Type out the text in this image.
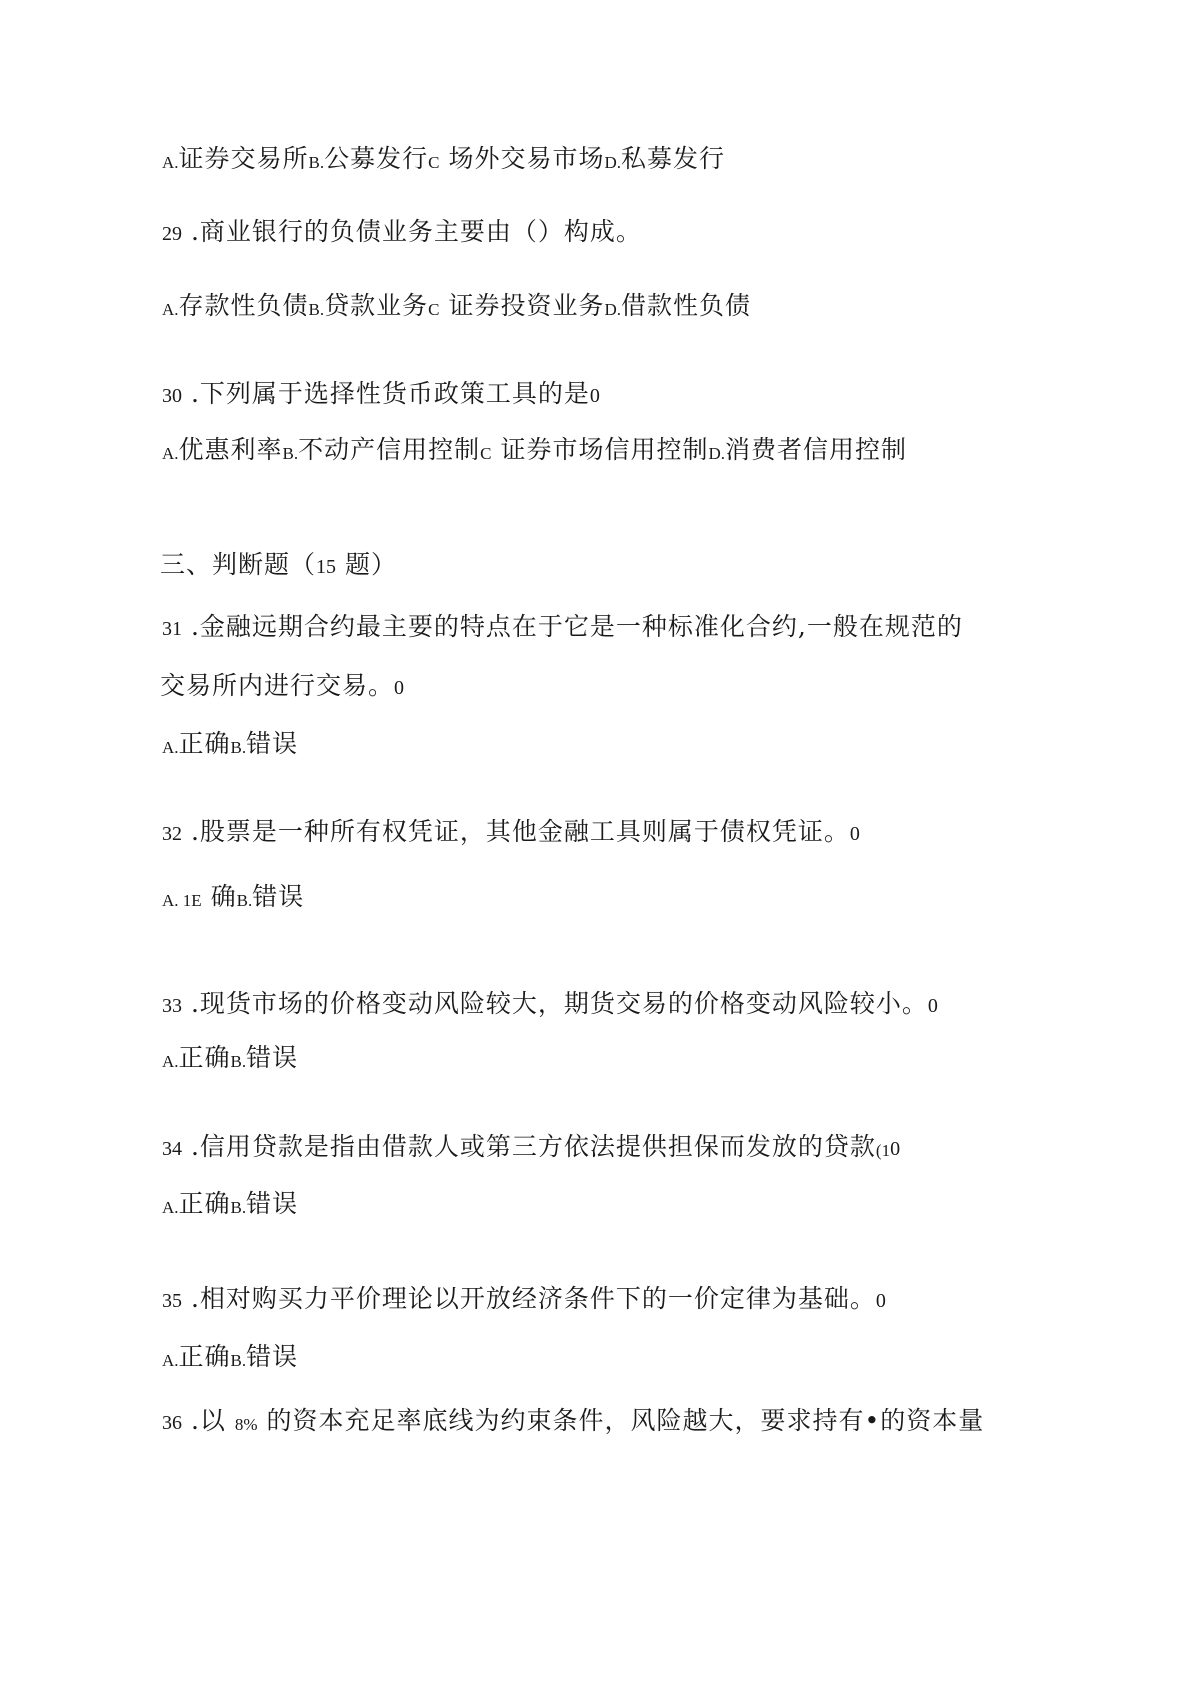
A.证券交易所B.公募发行C 场外交易市场D.私募发行
29 .商业银行的负债业务主要由（）构成。
A.存款性负债B.贷款业务C 证券投资业务D.借款性负债
30 .下列属于选择性货币政策工具的是0
A.优惠利率B.不动产信用控制C 证券市场信用控制D.消费者信用控制
三、判断题（15 题）
31 .金融远期合约最主要的特点在于它是一种标准化合约,一般在规范的
交易所内进行交易。0
A.正确B.错误
32 .股票是一种所有权凭证，其他金融工具则属于债权凭证。0
A. 1E 确B.错误
33 .现货市场的价格变动风险较大，期货交易的价格变动风险较小。0
A.正确B.错误
34 .信用贷款是指由借款人或第三方依法提供担保而发放的贷款(10
A.正确B.错误
35 .相对购买力平价理论以开放经济条件下的一价定律为基础。0
A.正确B.错误
36 .以 8% 的资本充足率底线为约束条件，风险越大，要求持有•的资本量
